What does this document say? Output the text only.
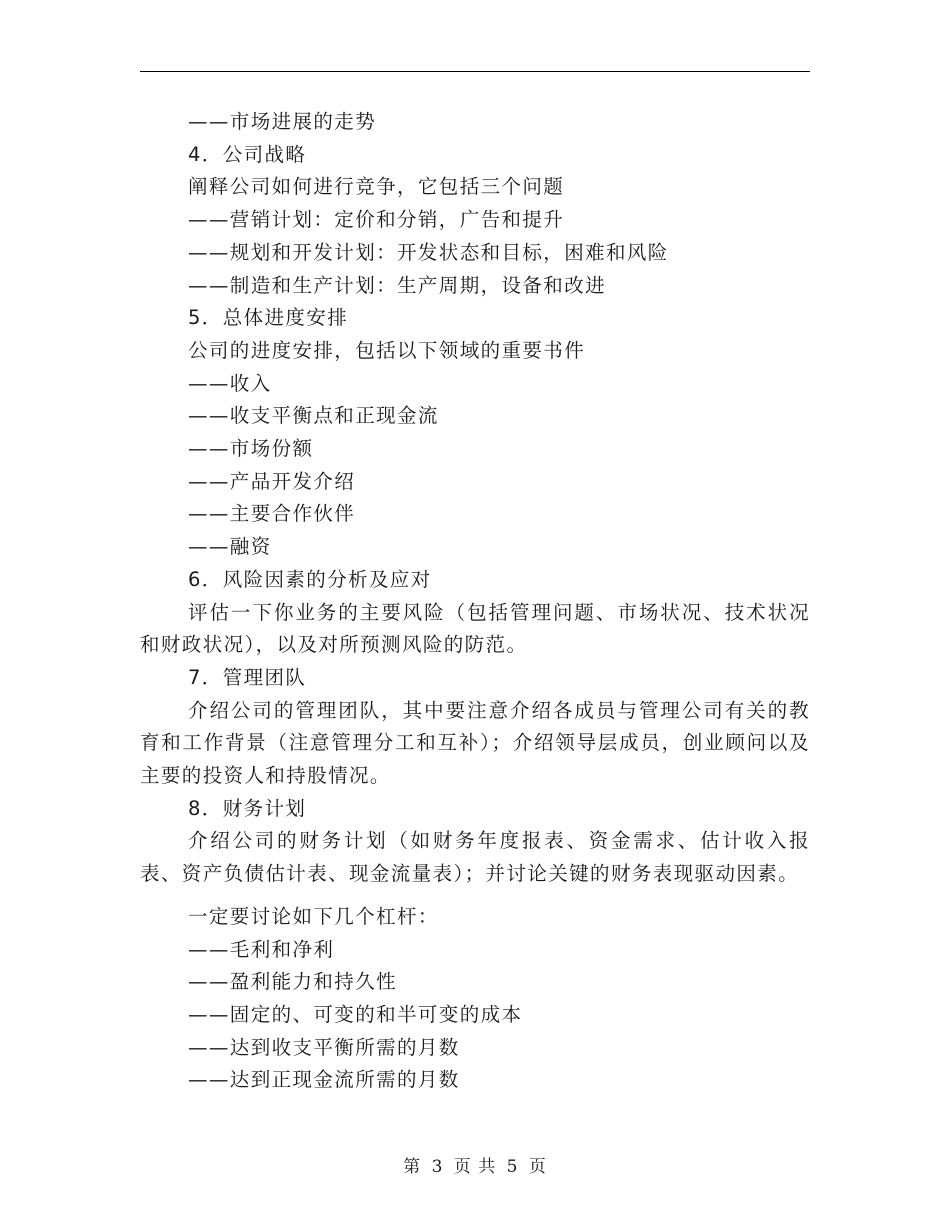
——市场进展的走势
4．公司战略
阐释公司如何进行竞争，它包括三个问题
——营销计划：定价和分销，广告和提升
——规划和开发计划：开发状态和目标，困难和风险
——制造和生产计划：生产周期，设备和改进
5．总体进度安排
公司的进度安排，包括以下领域的重要书件
——收入
——收支平衡点和正现金流
——市场份额
——产品开发介绍
——主要合作伙伴
——融资
6．风险因素的分析及应对
评估一下你业务的主要风险（包括管理问题、市场状况、技术状况和财政状况），以及对所预测风险的防范。
7．管理团队
介绍公司的管理团队，其中要注意介绍各成员与管理公司有关的教育和工作背景（注意管理分工和互补）；介绍领导层成员，创业顾问以及主要的投资人和持股情况。
8．财务计划
介绍公司的财务计划（如财务年度报表、资金需求、估计收入报表、资产负债估计表、现金流量表）；并讨论关键的财务表现驱动因素。
一定要讨论如下几个杠杆：
——毛利和净利
——盈利能力和持久性
——固定的、可变的和半可变的成本
——达到收支平衡所需的月数
——达到正现金流所需的月数
第 3 页 共 5 页
